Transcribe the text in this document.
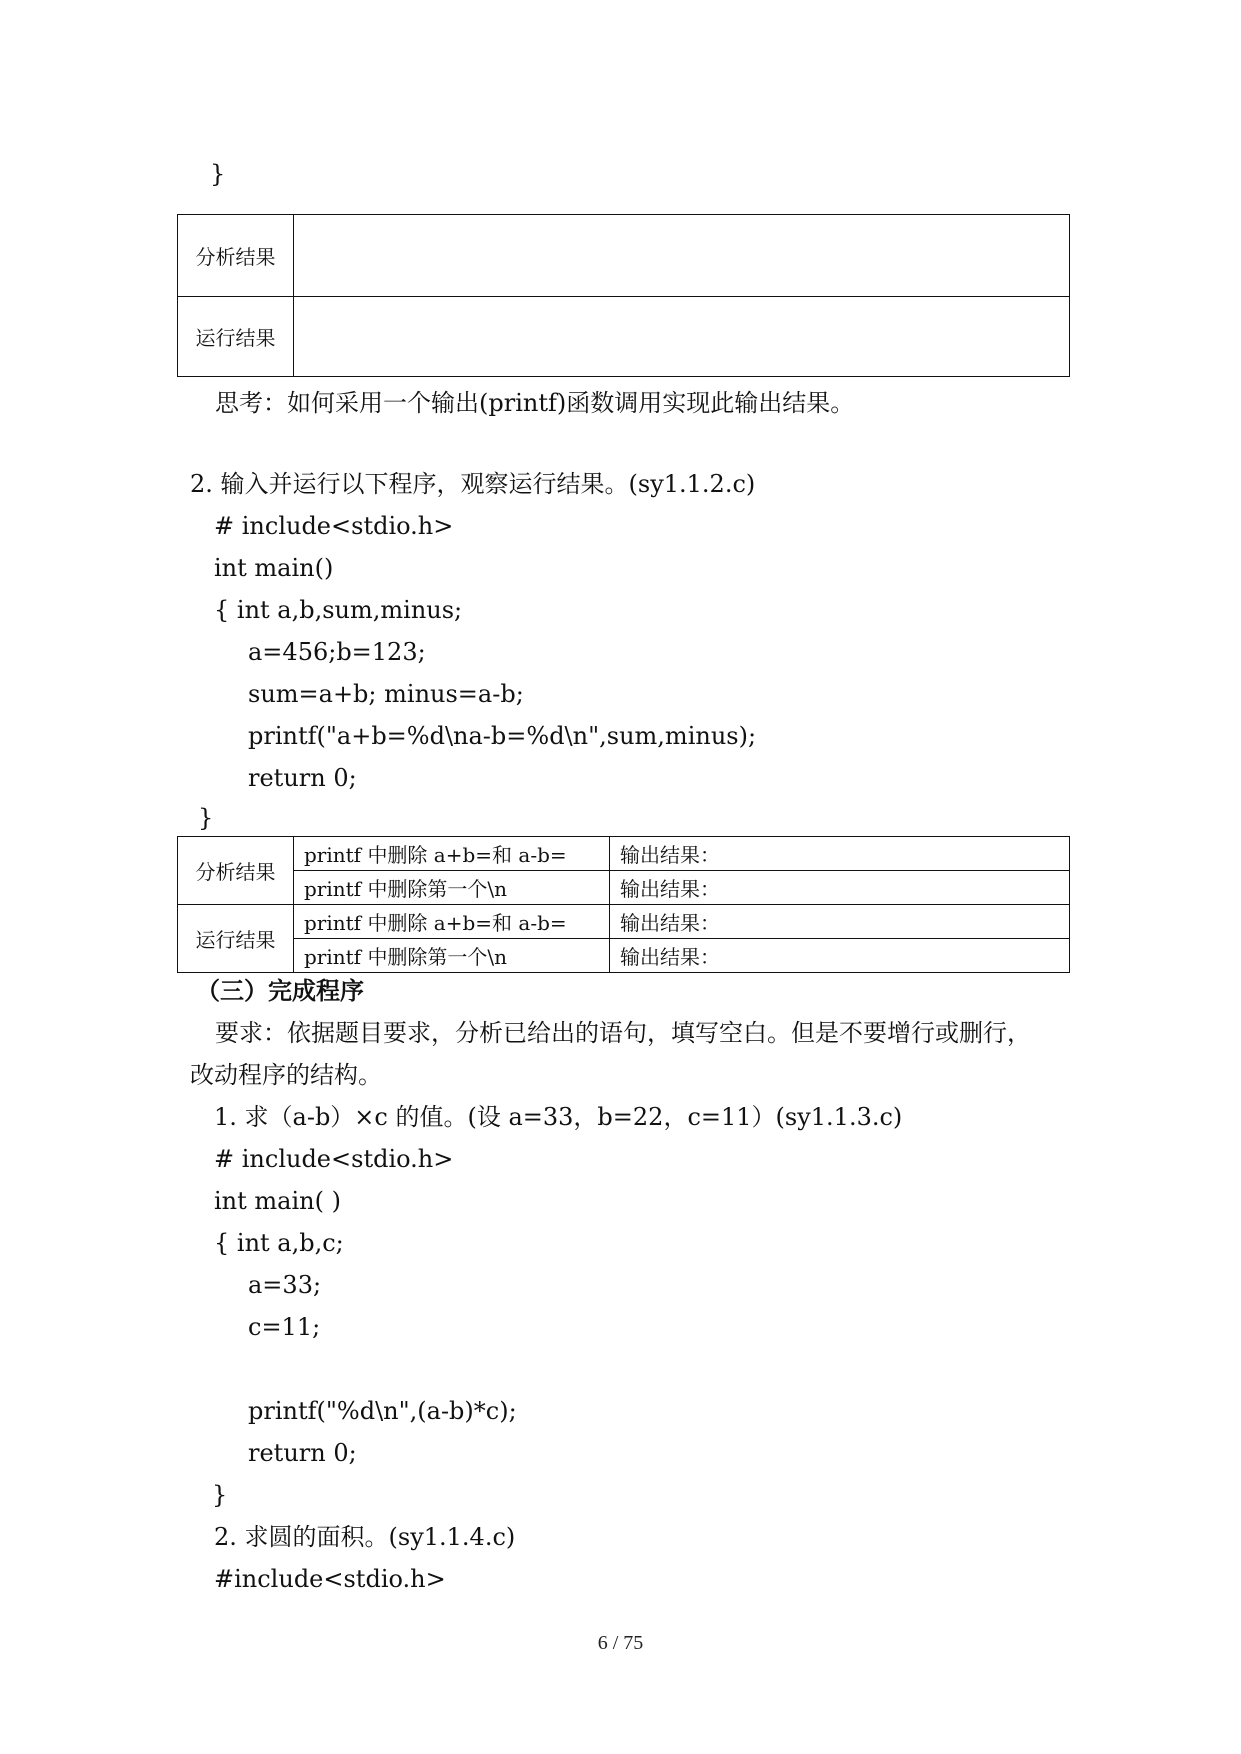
}
分析结果	
运行结果	
思考：如何采用一个输出(printf)函数调用实现此输出结果。
2. 输入并运行以下程序，观察运行结果。(sy1.1.2.c)
# include<stdio.h>
int main()
{ int a,b,sum,minus;
a=456;b=123;
sum=a+b; minus=a-b;
printf("a+b=%d\na-b=%d\n",sum,minus);
return 0;
}
分析结果	printf 中删除 a+b=和 a-b=	输出结果：
	printf 中删除第一个\n	输出结果：
运行结果	printf 中删除 a+b=和 a-b=	输出结果：
	printf 中删除第一个\n	输出结果：
（三）完成程序
要求：依据题目要求，分析已给出的语句，填写空白。但是不要增行或删行，
改动程序的结构。
1. 求（a-b）×c 的值。(设 a=33，b=22，c=11）(sy1.1.3.c)
# include<stdio.h>
int main( )
{ int a,b,c;
a=33;
c=11;
printf("%d\n",(a-b)*c);
return 0;
}
2. 求圆的面积。(sy1.1.4.c)
#include<stdio.h>
6 / 75
